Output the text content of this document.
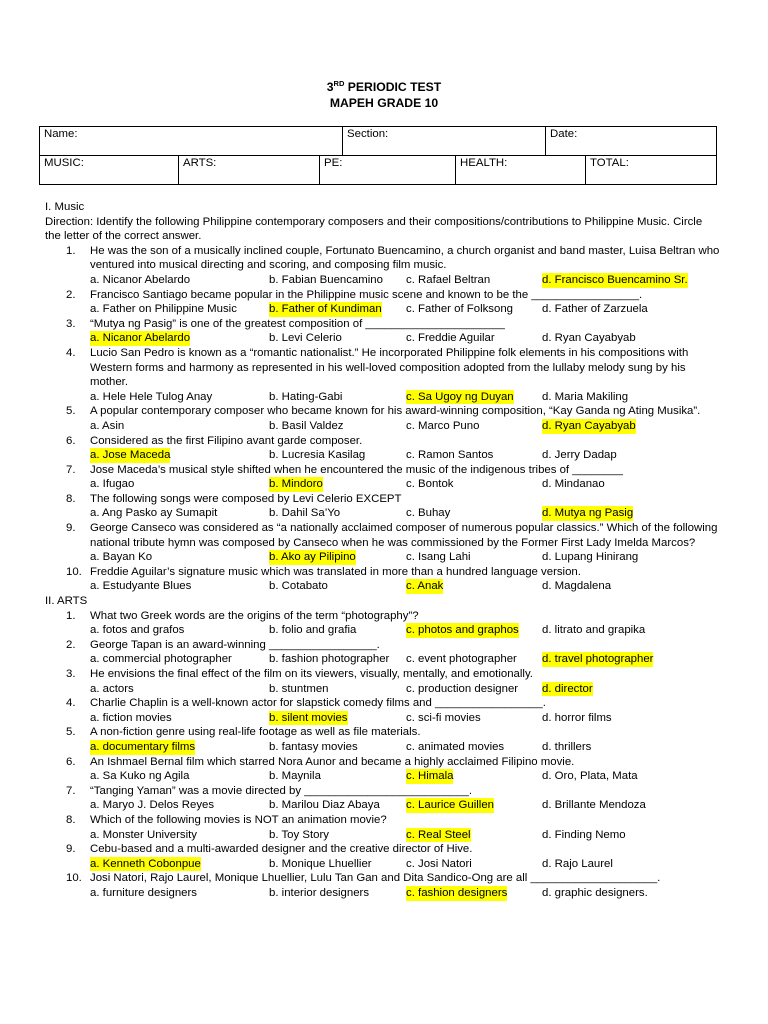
3RD PERIODIC TEST
MAPEH GRADE 10
Name:			Section:		Date:	
MUSIC:	ARTS:	PE:		HEALTH:		TOTAL:
I. Music
Direction: Identify the following Philippine contemporary composers and their compositions/contributions to Philippine Music. Circle the letter of the correct answer.
1.	He was the son of a musically inclined couple, Fortunato Buencamino, a church organist and band master, Luisa Beltran who ventured into musical directing and scoring, and composing film music.
a. Nicanor Abelardo	b. Fabian Buencamino c. Rafael Beltran	d. Francisco Buencamino Sr.
2.	Francisco Santiago became popular in the Philippine music scene and known to be the _________________.
a. Father on Philippine Music	b. Father of Kundiman c. Father of Folksong	d. Father of Zarzuela
3.	“Mutya ng Pasig” is one of the greatest composition of ______________________
a. Nicanor Abelardo	b. Levi Celerio	c. Freddie Aguilar	d. Ryan Cayabyab
4.	Lucio San Pedro is known as a “romantic nationalist.” He incorporated Philippine folk elements in his compositions with Western forms and harmony as represented in his well-loved composition adopted from the lullaby melody sung by his mother.
a. Hele Hele Tulog Anay	b. Hating-Gabi	c. Sa Ugoy ng Duyan d. Maria Makiling
5.	A popular contemporary composer who became known for his award-winning composition, “Kay Ganda ng Ating Musika”.
a. Asin	b. Basil Valdez	c. Marco Puno	d. Ryan Cayabyab
6.	Considered as the first Filipino avant garde composer.
a. Jose Maceda	b. Lucresia Kasilag	c. Ramon Santos	d. Jerry Dadap
7.	Jose Maceda’s musical style shifted when he encountered the music of the indigenous tribes of ________
a. Ifugao	b. Mindoro	c. Bontok	d. Mindanao
8.	The following songs were composed by Levi Celerio EXCEPT
a. Ang Pasko ay Sumapit	b. Dahil Sa’Yo	c. Buhay	d. Mutya ng Pasig
9.	George Canseco was considered as “a nationally acclaimed composer of numerous popular classics.” Which of the following national tribute hymn was composed by Canseco when he was commissioned by the Former First Lady Imelda Marcos?
a. Bayan Ko	b. Ako ay Pilipino	c. Isang Lahi	d. Lupang Hinirang
10. Freddie Aguilar’s signature music which was translated in more than a hundred language version.
a. Estudyante Blues	b. Cotabato	c. Anak	d. Magdalena
II. ARTS
1.	What two Greek words are the origins of the term “photography”?
a. fotos and grafos	b. folio and grafia	c. photos and graphos d. litrato and grapika
2.	George Tapan is an award-winning _________________.
a. commercial photographer	b. fashion photographer c. event photographer d. travel photographer
3.	He envisions the final effect of the film on its viewers, visually, mentally, and emotionally.
a. actors	b. stuntmen	c. production designer d. director
4.	Charlie Chaplin is a well-known actor for slapstick comedy films and _________________.
a. fiction movies	b. silent movies	c. sci-fi movies	d. horror films
5.	A non-fiction genre using real-life footage as well as file materials.
a. documentary films	b. fantasy movies	c. animated movies	d. thrillers
6.	An Ishmael Bernal film which starred Nora Aunor and became a highly acclaimed Filipino movie.
a. Sa Kuko ng Agila	b. Maynila	c. Himala	d. Oro, Plata, Mata
7.	“Tanging Yaman” was a movie directed by __________________________.
a. Maryo J. Delos Reyes	b. Marilou Diaz Abaya c. Laurice Guillen	d. Brillante Mendoza
8.	Which of the following movies is NOT an animation movie?
a. Monster University	b. Toy Story	c. Real Steel	d. Finding Nemo
9.	Cebu-based and a multi-awarded designer and the creative director of Hive.
a. Kenneth Cobonpue	b. Monique Lhuellier	c. Josi Natori	d. Rajo Laurel
10. Josi Natori, Rajo Laurel, Monique Lhuellier, Lulu Tan Gan and Dita Sandico-Ong are all ____________________.
a. furniture designers	b. interior designers	c. fashion designers	d. graphic designers.
